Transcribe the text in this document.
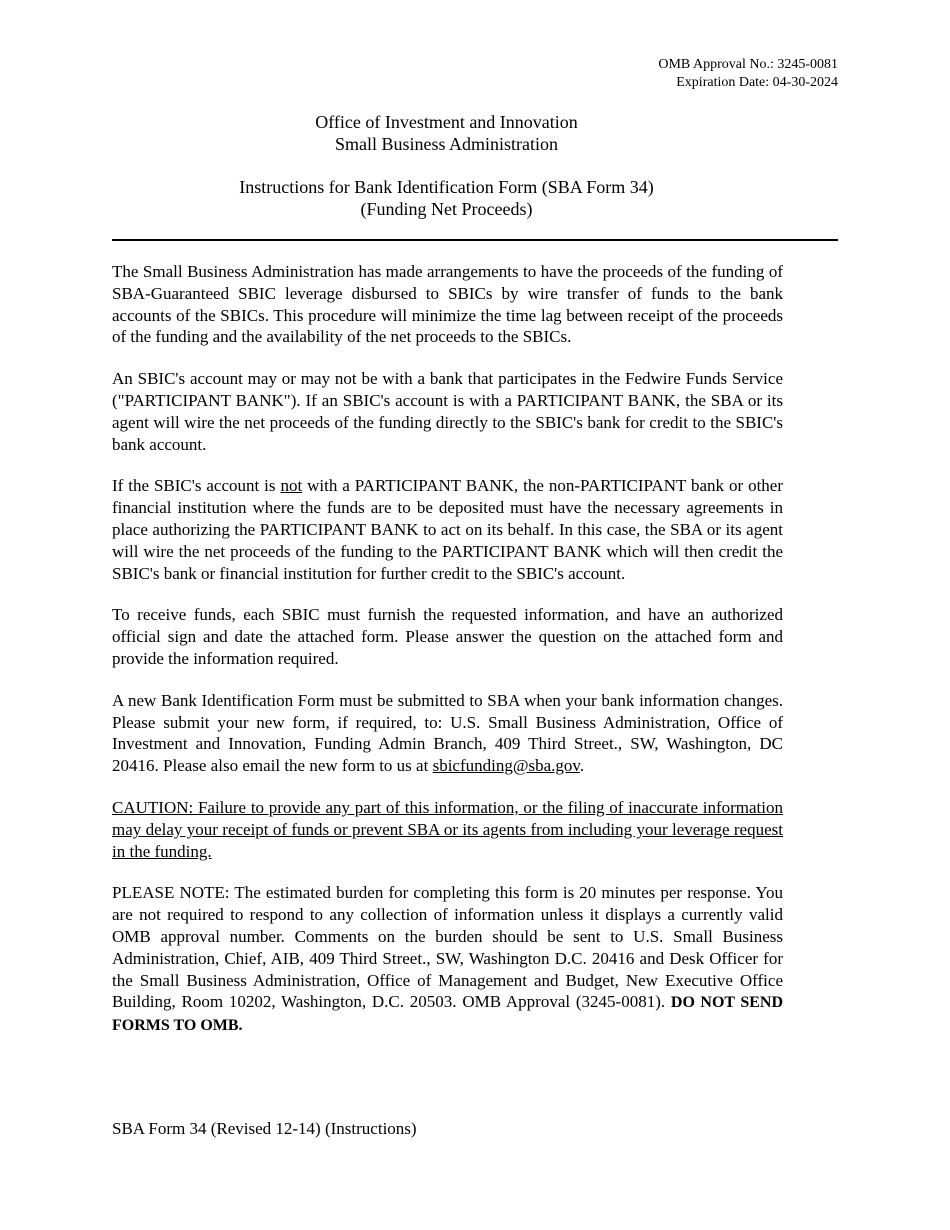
OMB Approval No.: 3245-0081
Expiration Date: 04-30-2024
Office of Investment and Innovation
Small Business Administration
Instructions for Bank Identification Form (SBA Form 34)
(Funding Net Proceeds)

The Small Business Administration has made arrangements to have the proceeds of the funding of SBA-Guaranteed SBIC leverage disbursed to SBICs by wire transfer of funds to the bank accounts of the SBICs. This procedure will minimize the time lag between receipt of the proceeds of the funding and the availability of the net proceeds to the SBICs.

An SBIC's account may or may not be with a bank that participates in the Fedwire Funds Service ("PARTICIPANT BANK"). If an SBIC's account is with a PARTICIPANT BANK, the SBA or its agent will wire the net proceeds of the funding directly to the SBIC's bank for credit to the SBIC's bank account.

If the SBIC's account is not with a PARTICIPANT BANK, the non-PARTICIPANT bank or other financial institution where the funds are to be deposited must have the necessary agreements in place authorizing the PARTICIPANT BANK to act on its behalf. In this case, the SBA or its agent will wire the net proceeds of the funding to the PARTICIPANT BANK which will then credit the SBIC's bank or financial institution for further credit to the SBIC's account.

To receive funds, each SBIC must furnish the requested information, and have an authorized official sign and date the attached form. Please answer the question on the attached form and provide the information required.

A new Bank Identification Form must be submitted to SBA when your bank information changes. Please submit your new form, if required, to: U.S. Small Business Administration, Office of Investment and Innovation, Funding Admin Branch, 409 Third Street., SW, Washington, DC 20416. Please also email the new form to us at sbicfunding@sba.gov.

CAUTION: Failure to provide any part of this information, or the filing of inaccurate information may delay your receipt of funds or prevent SBA or its agents from including your leverage request in the funding.

PLEASE NOTE: The estimated burden for completing this form is 20 minutes per response. You are not required to respond to any collection of information unless it displays a currently valid OMB approval number. Comments on the burden should be sent to U.S. Small Business Administration, Chief, AIB, 409 Third Street., SW, Washington D.C. 20416 and Desk Officer for the Small Business Administration, Office of Management and Budget, New Executive Office Building, Room 10202, Washington, D.C. 20503. OMB Approval (3245-0081). DO NOT SEND FORMS TO OMB.

SBA Form 34 (Revised 12-14) (Instructions)
